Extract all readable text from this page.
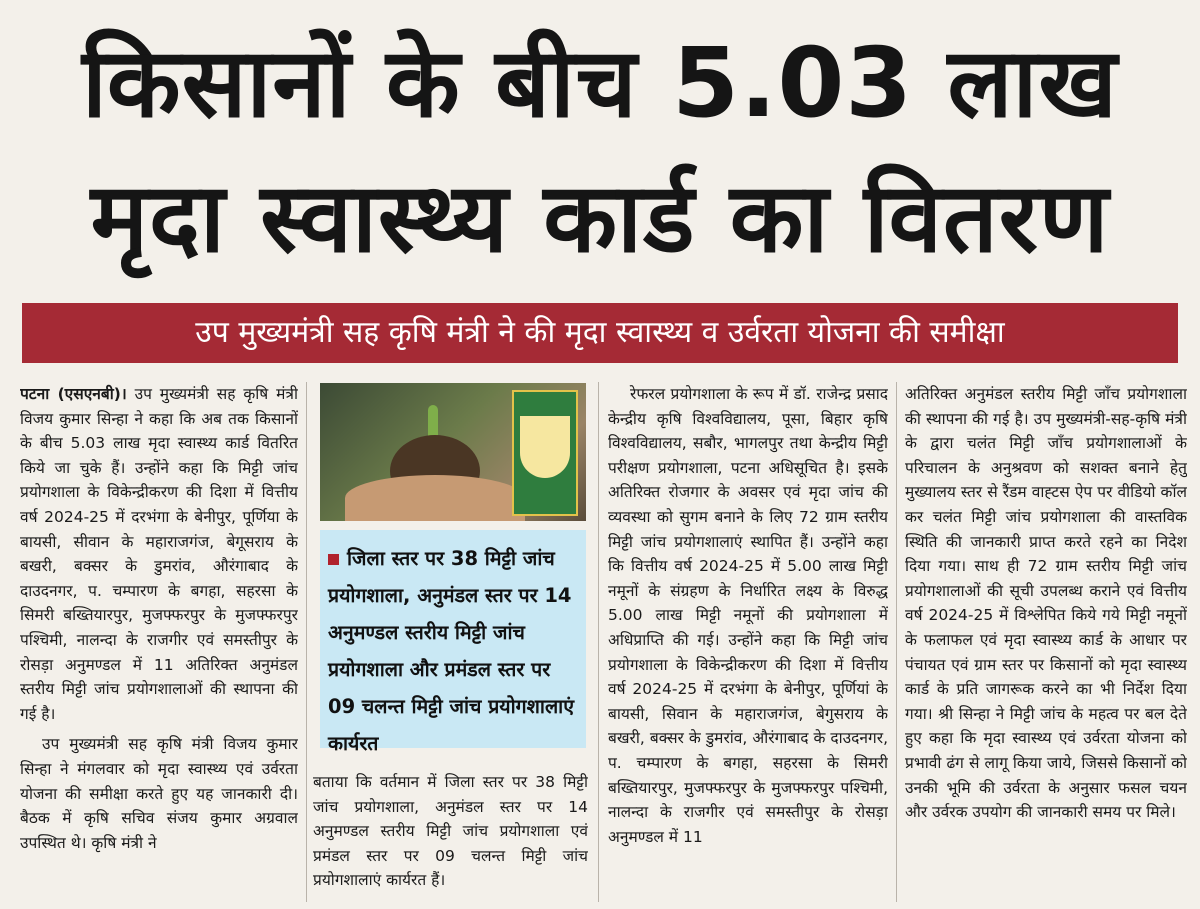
किसानों के बीच 5.03 लाख
मृदा स्वास्थ्य कार्ड का वितरण
उप मुख्यमंत्री सह कृषि मंत्री ने की मृदा स्वास्थ्य व उर्वरता योजना की समीक्षा

पटना (एसएनबी)। उप मुख्यमंत्री सह कृषि मंत्री विजय कुमार सिन्हा ने कहा कि अब तक किसानों के बीच 5.03 लाख मृदा स्वास्थ्य कार्ड वितरित किये जा चुके हैं। उन्होंने कहा कि मिट्टी जांच प्रयोगशाला के विकेन्द्रीकरण की दिशा में वित्तीय वर्ष 2024-25 में दरभंगा के बेनीपुर, पूर्णिया के बायसी, सीवान के महाराजगंज, बेगूसराय के बखरी, बक्सर के डुमरांव, औरंगाबाद के दाउदनगर, प. चम्पारण के बगहा, सहरसा के सिमरी बख्तियारपुर, मुजफ्फरपुर के मुजफ्फरपुर पश्चिमी, नालन्दा के राजगीर एवं समस्तीपुर के रोसड़ा अनुमण्डल में 11 अतिरिक्त अनुमंडल स्तरीय मिट्टी जांच प्रयोगशालाओं की स्थापना की गई है।

उप मुख्यमंत्री सह कृषि मंत्री विजय कुमार सिन्हा ने मंगलवार को मृदा स्वास्थ्य एवं उर्वरता योजना की समीक्षा करते हुए यह जानकारी दी। बैठक में कृषि सचिव संजय कुमार अग्रवाल उपस्थित थे। कृषि मंत्री ने

जिला स्तर पर 38 मिट्टी जांच प्रयोगशाला, अनुमंडल स्तर पर 14 अनुमण्डल स्तरीय मिट्टी जांच प्रयोगशाला और प्रमंडल स्तर पर 09 चलन्त मिट्टी जांच प्रयोगशालाएं कार्यरत

बताया कि वर्तमान में जिला स्तर पर 38 मिट्टी जांच प्रयोगशाला, अनुमंडल स्तर पर 14 अनुमण्डल स्तरीय मिट्टी जांच प्रयोगशाला एवं प्रमंडल स्तर पर 09 चलन्त मिट्टी जांच प्रयोगशालाएं कार्यरत हैं।

रेफरल प्रयोगशाला के रूप में डॉ. राजेन्द्र प्रसाद केन्द्रीय कृषि विश्वविद्यालय, पूसा, बिहार कृषि विश्वविद्यालय, सबौर, भागलपुर तथा केन्द्रीय मिट्टी परीक्षण प्रयोगशाला, पटना अधिसूचित है। इसके अतिरिक्त रोजगार के अवसर एवं मृदा जांच की व्यवस्था को सुगम बनाने के लिए 72 ग्राम स्तरीय मिट्टी जांच प्रयोगशालाएं स्थापित हैं। उन्होंने कहा कि वित्तीय वर्ष 2024-25 में 5.00 लाख मिट्टी नमूनों के संग्रहण के निर्धारित लक्ष्य के विरुद्ध 5.00 लाख मिट्टी नमूनों की प्रयोगशाला में अधिप्राप्ति की गई। उन्होंने कहा कि मिट्टी जांच प्रयोगशाला के विकेन्द्रीकरण की दिशा में वित्तीय वर्ष 2024-25 में दरभंगा के बेनीपुर, पूर्णियां के बायसी, सिवान के महाराजगंज, बेगुसराय के बखरी, बक्सर के डुमरांव, औरंगाबाद के दाउदनगर, प. चम्पारण के बगहा, सहरसा के सिमरी बख्तियारपुर, मुजफ्फरपुर के मुजफ्फरपुर पश्चिमी, नालन्दा के राजगीर एवं समस्तीपुर के रोसड़ा अनुमण्डल में 11

अतिरिक्त अनुमंडल स्तरीय मिट्टी जाँच प्रयोगशाला की स्थापना की गई है। उप मुख्यमंत्री-सह-कृषि मंत्री के द्वारा चलंत मिट्टी जाँच प्रयोगशालाओं के परिचालन के अनुश्रवण को सशक्त बनाने हेतु मुख्यालय स्तर से रैंडम वाह्टस ऐप पर वीडियो कॉल कर चलंत मिट्टी जांच प्रयोगशाला की वास्तविक स्थिति की जानकारी प्राप्त करते रहने का निदेश दिया गया। साथ ही 72 ग्राम स्तरीय मिट्टी जांच प्रयोगशालाओं की सूची उपलब्ध कराने एवं वित्तीय वर्ष 2024-25 में विश्लेपित किये गये मिट्टी नमूनों के फलाफल एवं मृदा स्वास्थ्य कार्ड के आधार पर पंचायत एवं ग्राम स्तर पर किसानों को मृदा स्वास्थ्य कार्ड के प्रति जागरूक करने का भी निर्देश दिया गया। श्री सिन्हा ने मिट्टी जांच के महत्व पर बल देते हुए कहा कि मृदा स्वास्थ्य एवं उर्वरता योजना को प्रभावी ढंग से लागू किया जाये, जिससे किसानों को उनकी भूमि की उर्वरता के अनुसार फसल चयन और उर्वरक उपयोग की जानकारी समय पर मिले।
